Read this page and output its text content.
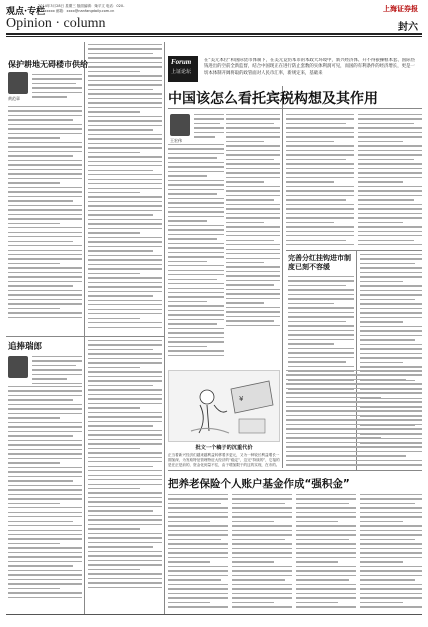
观点·专栏
2014年3月28日 星期三 版面编辑：柴平文 电话：020-87xxxxxx 邮箱：xxxx@nanfangdaily.com.cn	上海证券报
Opinion · column	封六
保护耕地无碍楼市供给
黄范章
追捧瑞郎
Forum
上证论坛
在“美元本位”和国际货币体制下，在美元竞仿本币的本政大环境中，新兴经济体、开不得狠操框本套、国际热钱进出的空前全新监督，结合中国现正在进行防止套数的实体利润可见，而国的有利条件的经济增长，更是一切本体制开阔将取的政管面对人民币汇率，新规定来，基础来
中国该怎么看托宾税构想及其作用
王宏伟
完善分红挂钩进市制度已刻不容缓
¥
批文一个稿子的沉重代价
正当着新兴经济们越来越利益转移着多更元，又为一种较长利益增长一期加深，为发取特征管理特征大经济的“稳定”，这完“持续的”，它接的是在正是前的，资金化到量不住，由于增加限于的这的实现，在市的。
把养老保险个人账户基金作成“强积金”
